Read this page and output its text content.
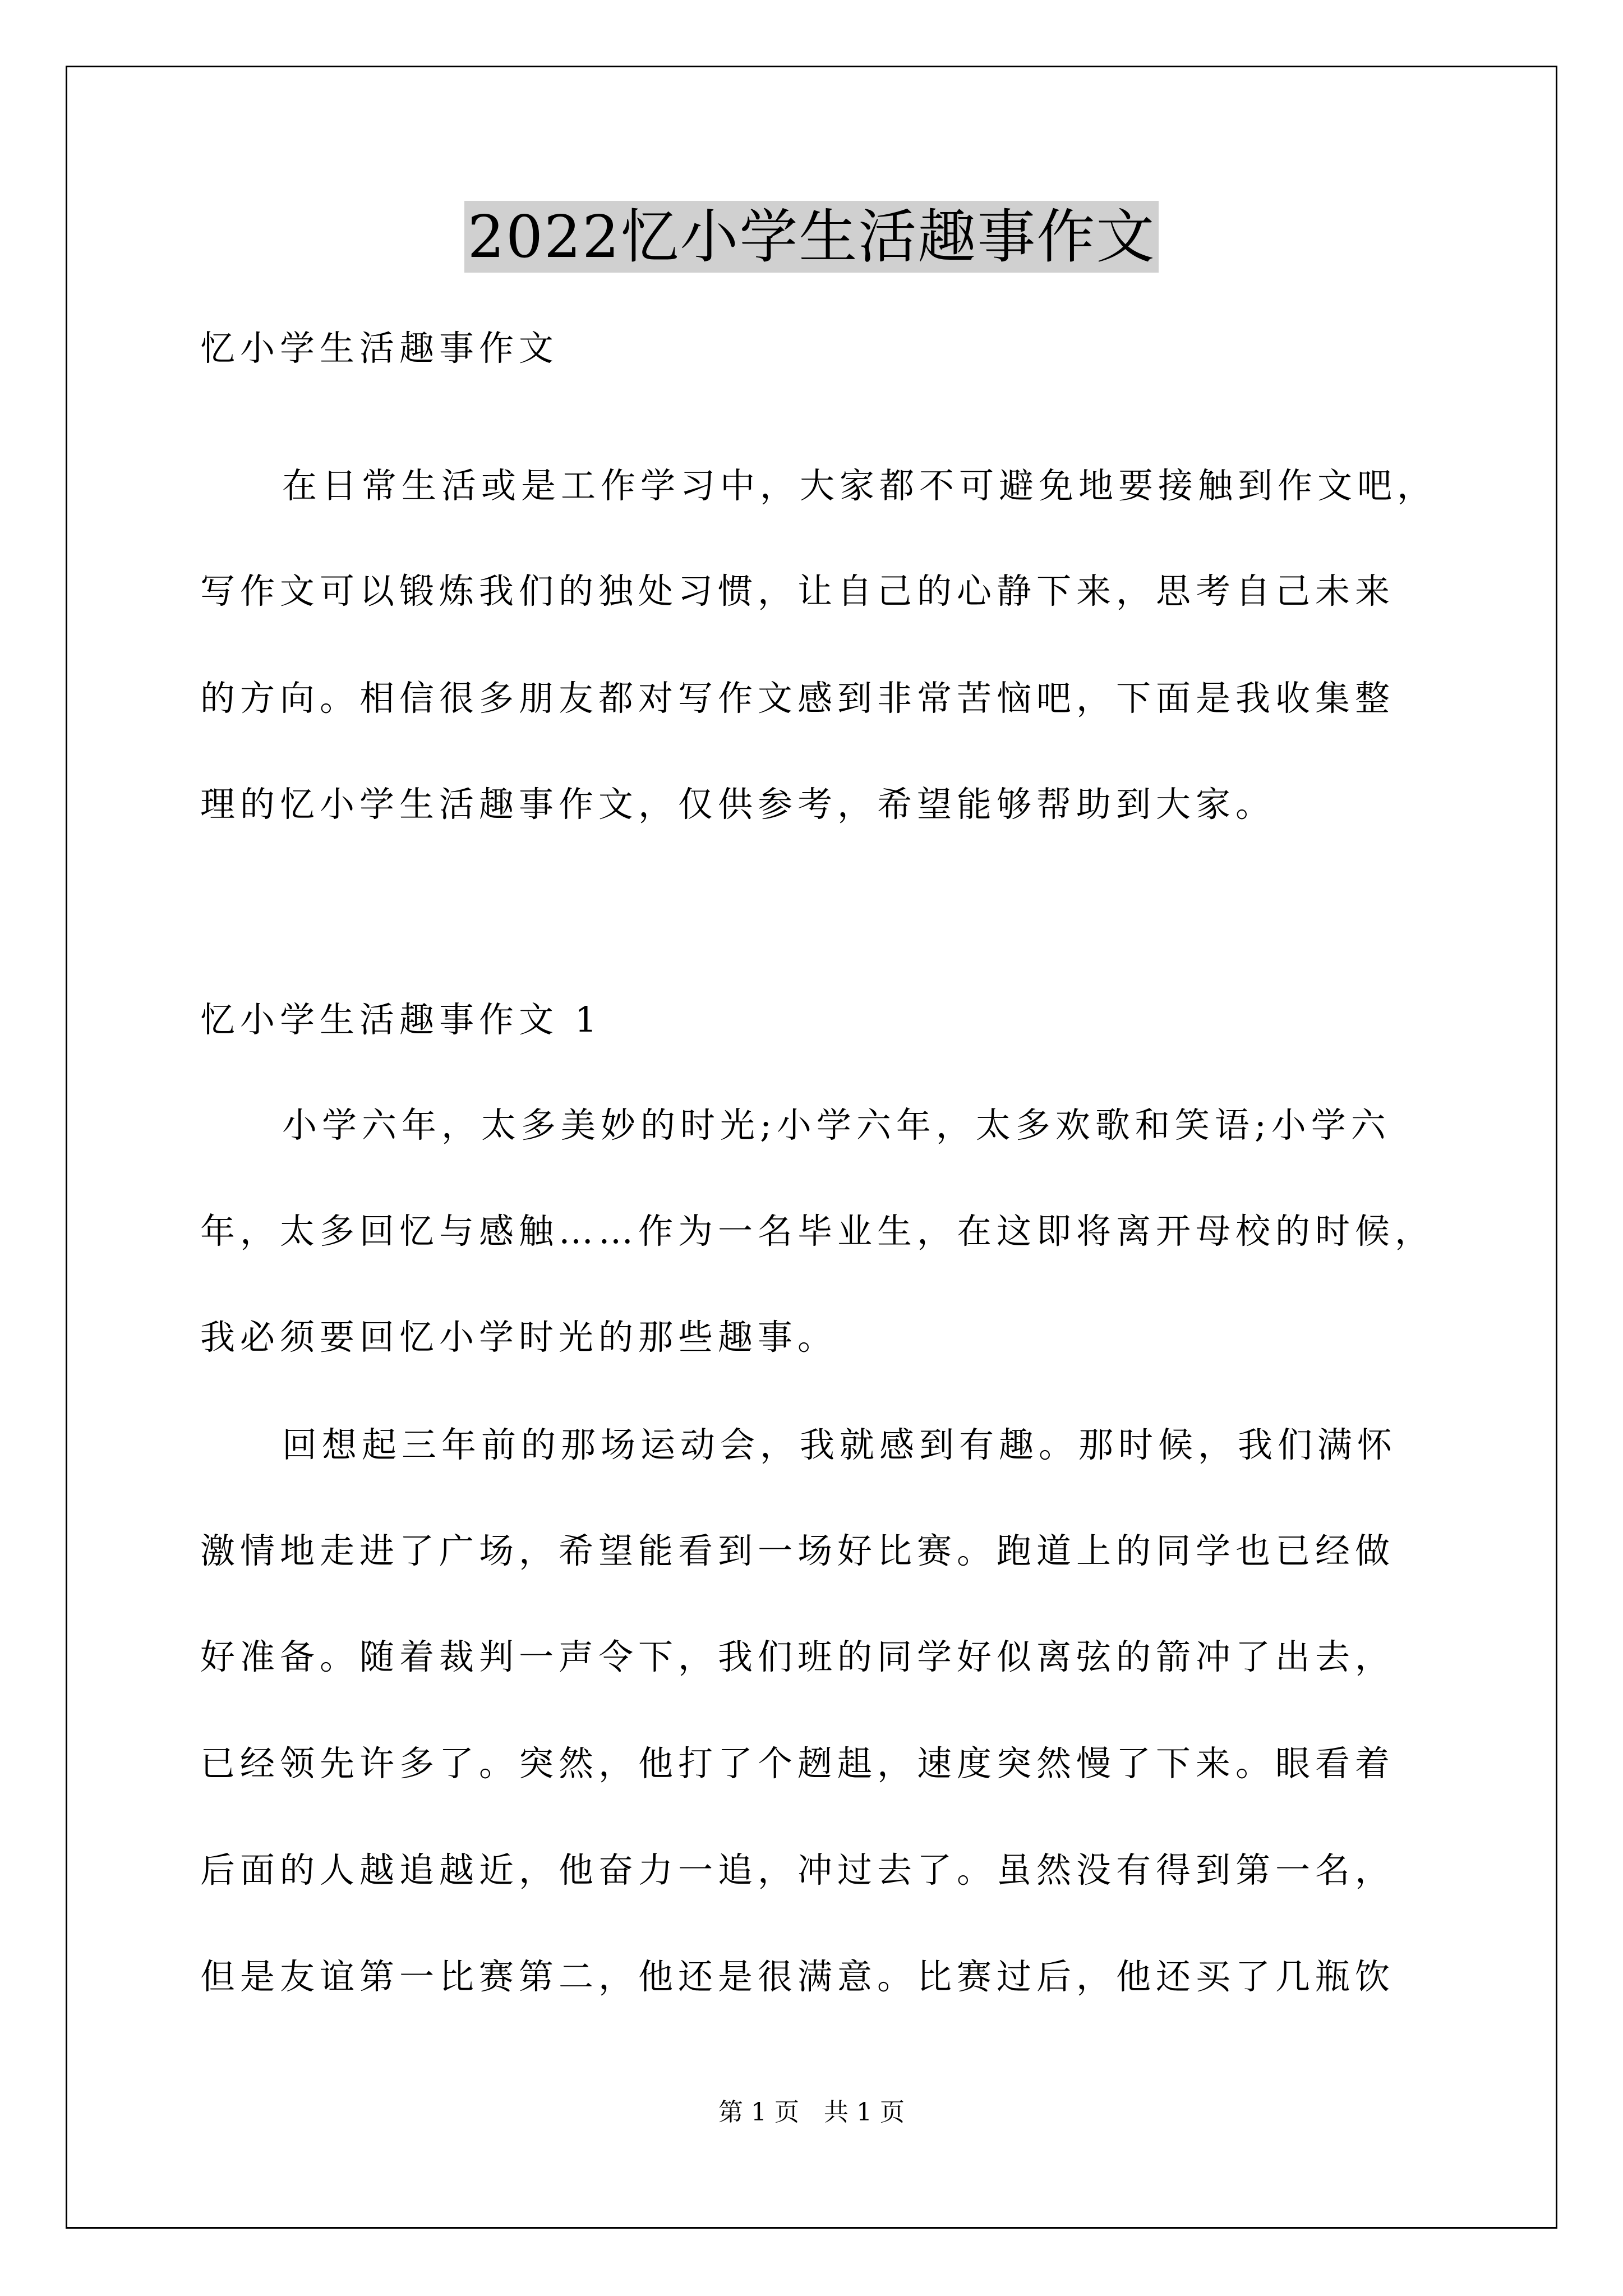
2022忆小学生活趣事作文
忆小学生活趣事作文
在日常生活或是工作学习中，大家都不可避免地要接触到作文吧，
写作文可以锻炼我们的独处习惯，让自己的心静下来，思考自己未来
的方向。相信很多朋友都对写作文感到非常苦恼吧，下面是我收集整
理的忆小学生活趣事作文，仅供参考，希望能够帮助到大家。
忆小学生活趣事作文 1
小学六年，太多美妙的时光;小学六年，太多欢歌和笑语;小学六
年，太多回忆与感触……作为一名毕业生，在这即将离开母校的时候，
我必须要回忆小学时光的那些趣事。
回想起三年前的那场运动会，我就感到有趣。那时候，我们满怀
激情地走进了广场，希望能看到一场好比赛。跑道上的同学也已经做
好准备。随着裁判一声令下，我们班的同学好似离弦的箭冲了出去，
已经领先许多了。突然，他打了个趔趄，速度突然慢了下来。眼看着
后面的人越追越近，他奋力一追，冲过去了。虽然没有得到第一名，
但是友谊第一比赛第二，他还是很满意。比赛过后，他还买了几瓶饮
第 1 页　共 1 页
